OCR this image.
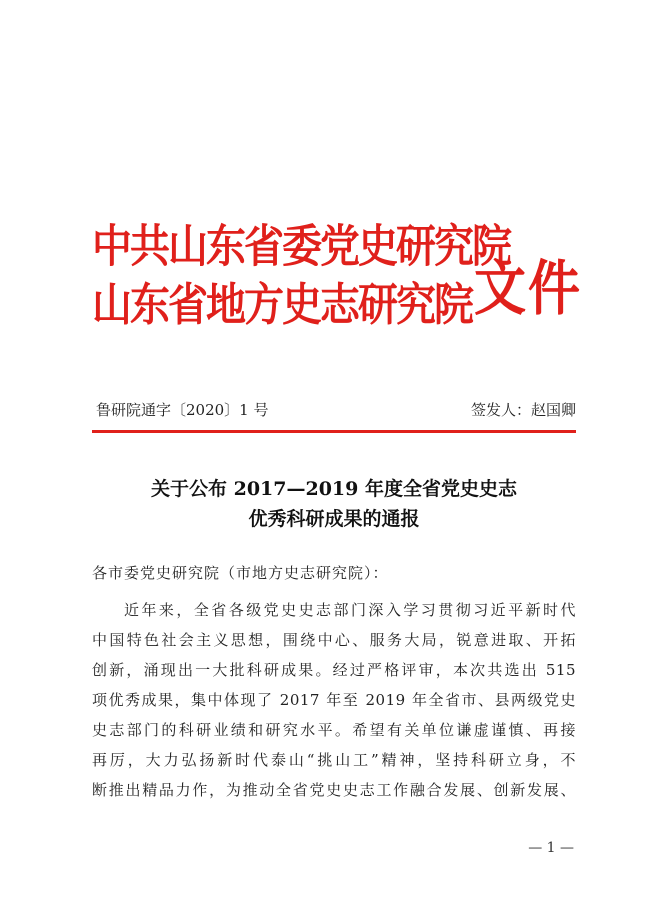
中共山东省委党史研究院
山东省地方史志研究院 文件
鲁研院通字〔2020〕1 号	签发人：赵国卿
关于公布 2017—2019 年度全省党史史志
优秀科研成果的通报
各市委党史研究院（市地方史志研究院）：
近年来，全省各级党史史志部门深入学习贯彻习近平新时代
中国特色社会主义思想，围绕中心、服务大局，锐意进取、开拓
创新，涌现出一大批科研成果。经过严格评审，本次共选出 515
项优秀成果，集中体现了 2017 年至 2019 年全省市、县两级党史
史志部门的科研业绩和研究水平。希望有关单位谦虚谨慎、再接
再厉，大力弘扬新时代泰山“挑山工”精神，坚持科研立身，不
断推出精品力作，为推动全省党史史志工作融合发展、创新发展、
— 1 —
